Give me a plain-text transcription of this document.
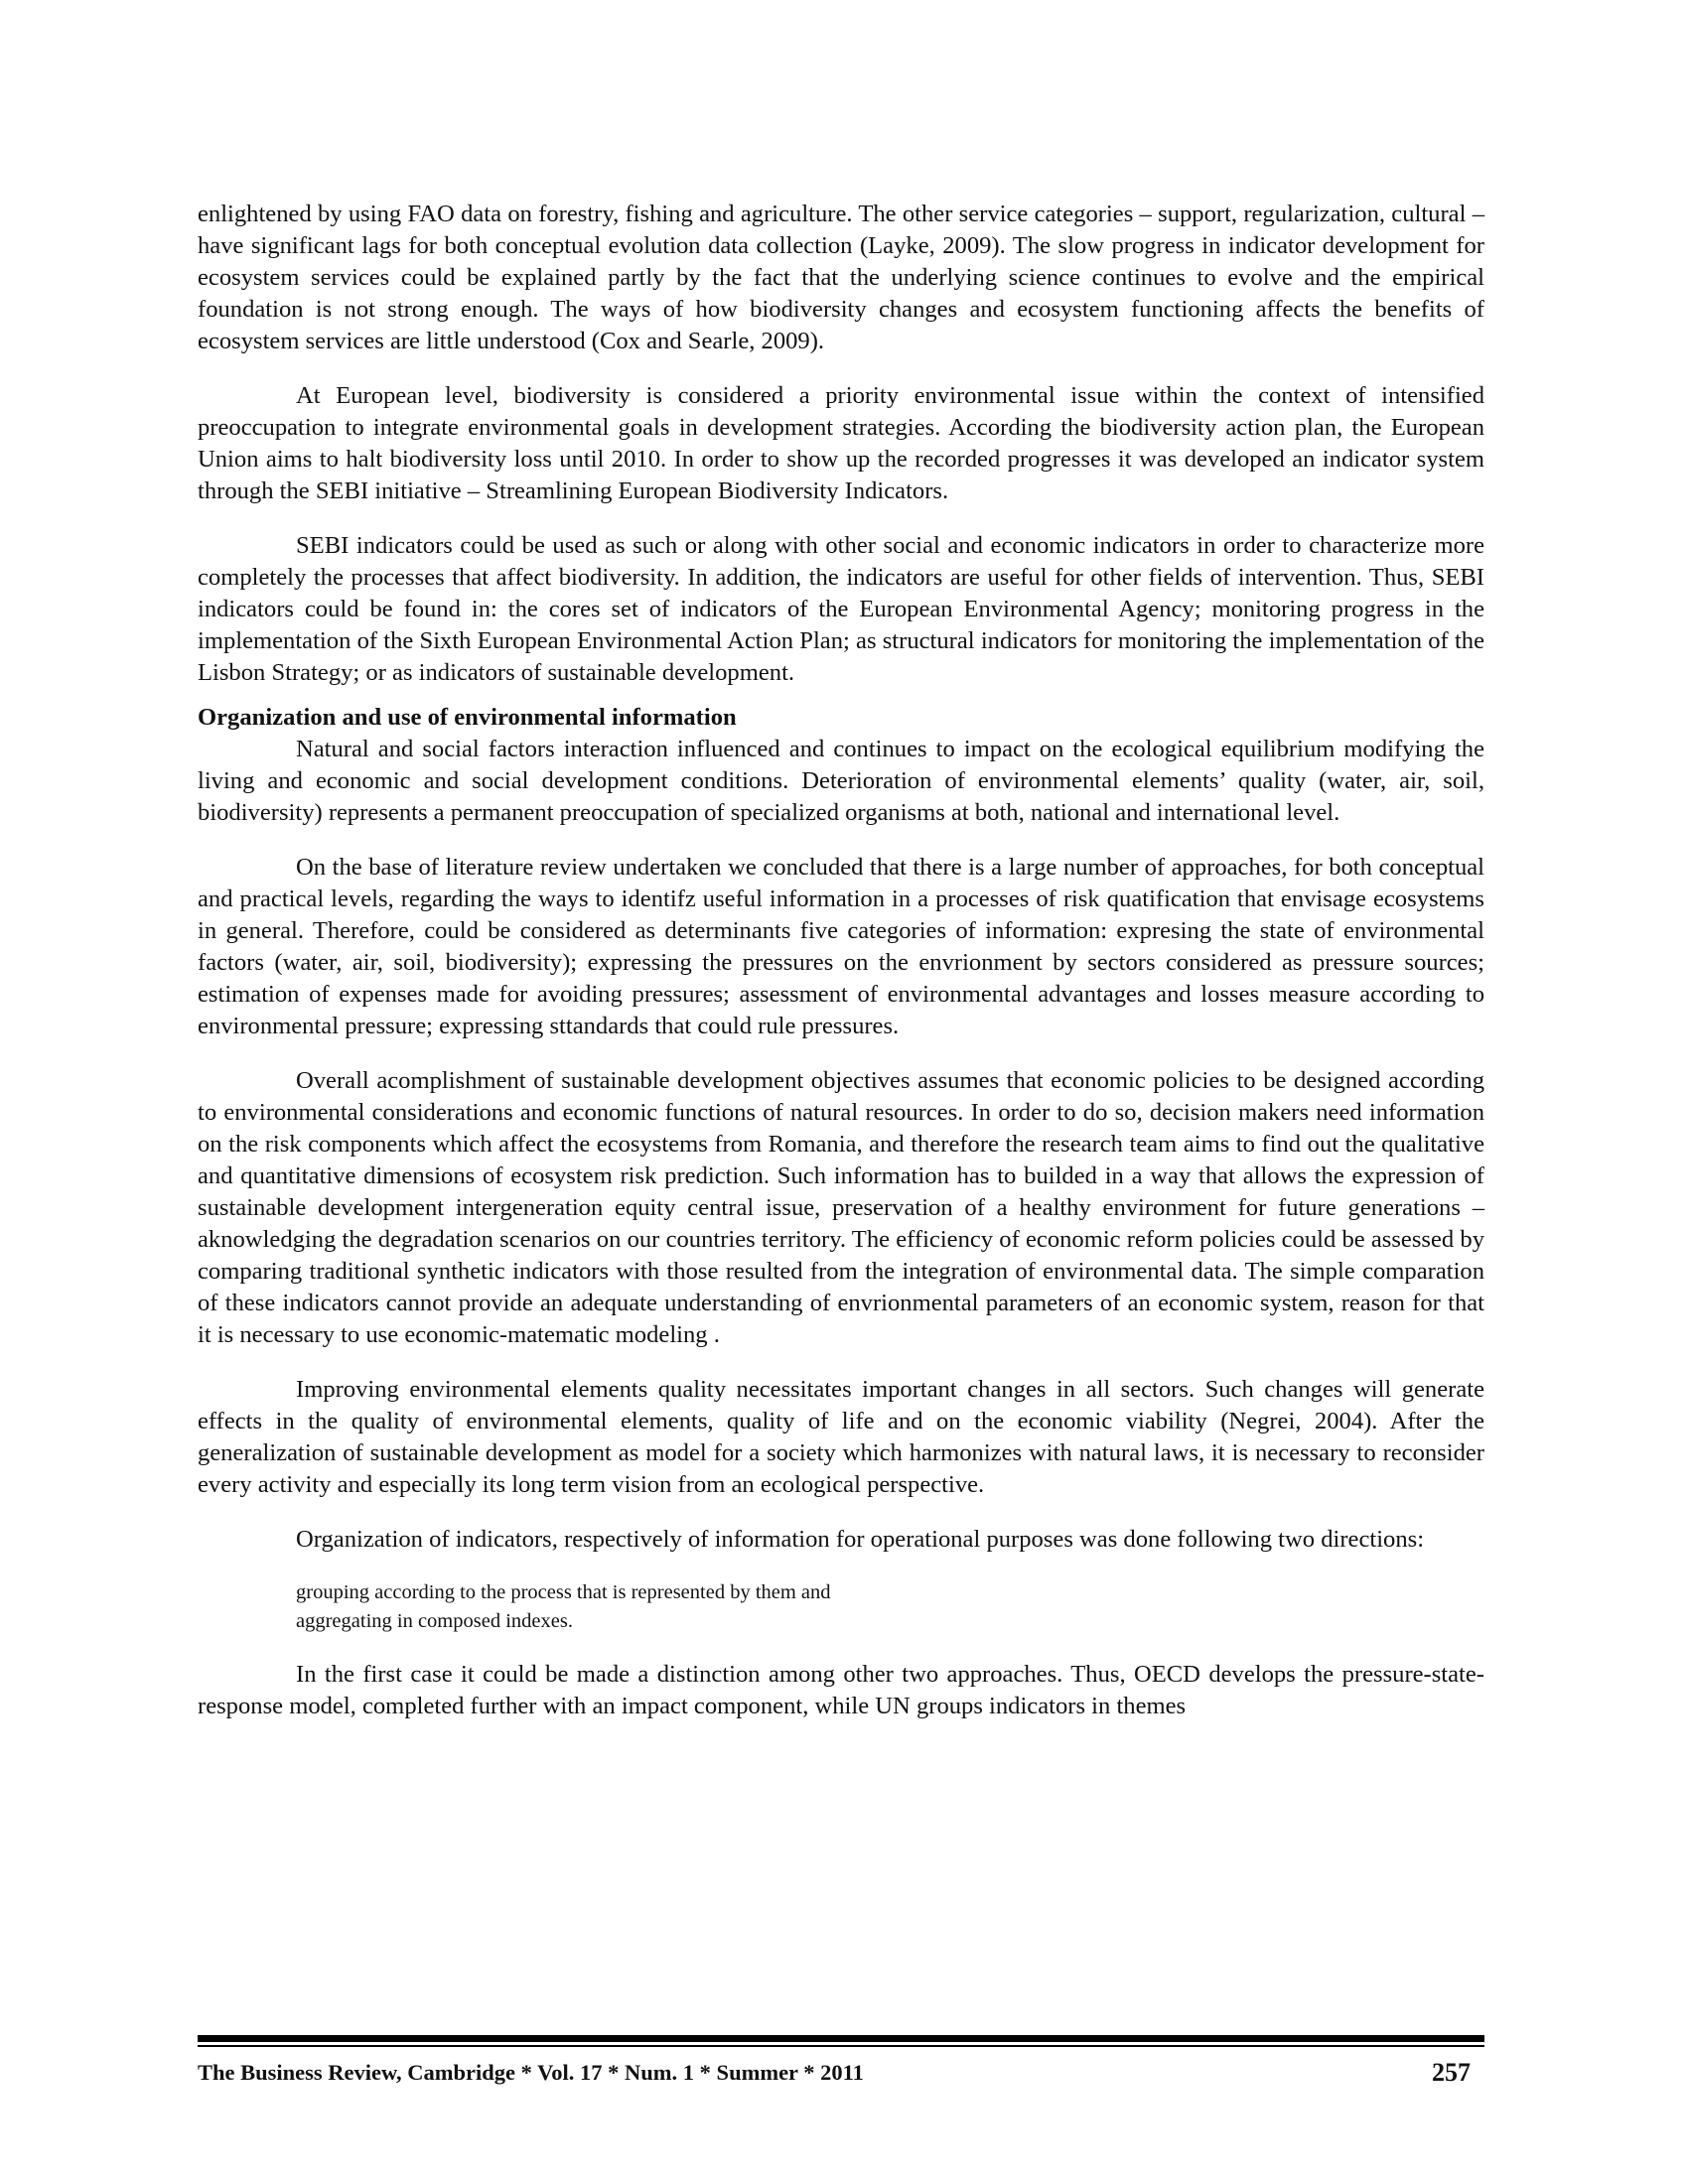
enlightened by using FAO data on forestry, fishing and agriculture. The other service categories – support, regularization, cultural – have significant lags for both conceptual evolution data collection (Layke, 2009). The slow progress in indicator development for ecosystem services could be explained partly by the fact that the underlying science continues to evolve and the empirical foundation is not strong enough. The ways of how biodiversity changes and ecosystem functioning affects the benefits of ecosystem services are little understood (Cox and Searle, 2009).

At European level, biodiversity is considered a priority environmental issue within the context of intensified preoccupation to integrate environmental goals in development strategies. According the biodiversity action plan, the European Union aims to halt biodiversity loss until 2010. In order to show up the recorded progresses it was developed an indicator system through the SEBI initiative – Streamlining European Biodiversity Indicators.

SEBI indicators could be used as such or along with other social and economic indicators in order to characterize more completely the processes that affect biodiversity. In addition, the indicators are useful for other fields of intervention. Thus, SEBI indicators could be found in: the cores set of indicators of the European Environmental Agency; monitoring progress in the implementation of the Sixth European Environmental Action Plan; as structural indicators for monitoring the implementation of the Lisbon Strategy; or as indicators of sustainable development.

Organization and use of environmental information

Natural and social factors interaction influenced and continues to impact on the ecological equilibrium modifying the living and economic and social development conditions. Deterioration of environmental elements’ quality (water, air, soil, biodiversity) represents a permanent preoccupation of specialized organisms at both, national and international level.

On the base of literature review undertaken we concluded that there is a large number of approaches, for both conceptual and practical levels, regarding the ways to identifz useful information in a processes of risk quatification that envisage ecosystems in general. Therefore, could be considered as determinants five categories of information: expresing the state of environmental factors (water, air, soil, biodiversity); expressing the pressures on the envrionment by sectors considered as pressure sources; estimation of expenses made for avoiding pressures; assessment of environmental advantages and losses measure according to environmental pressure; expressing sttandards that could rule pressures.

Overall acomplishment of sustainable development objectives assumes that economic policies to be designed according to environmental considerations and economic functions of natural resources. In order to do so, decision makers need information on the risk components which affect the ecosystems from Romania, and therefore the research team aims to find out the qualitative and quantitative dimensions of ecosystem risk prediction. Such information has to builded in a way that allows the expression of sustainable development intergeneration equity central issue, preservation of a healthy environment for future generations – aknowledging the degradation scenarios on our countries territory. The efficiency of economic reform policies could be assessed by comparing traditional synthetic indicators with those resulted from the integration of environmental data. The simple comparation of these indicators cannot provide an adequate understanding of envrionmental parameters of an economic system, reason for that it is necessary to use economic-matematic modeling .

Improving environmental elements quality necessitates important changes in all sectors. Such changes will generate effects in the quality of environmental elements, quality of life and on the economic viability (Negrei, 2004). After the generalization of sustainable development as model for a society which harmonizes with natural laws, it is necessary to reconsider every activity and especially its long term vision from an ecological perspective.

Organization of indicators, respectively of information for operational purposes was done following two directions:

grouping according to the process that is represented by them and
aggregating in composed indexes.

In the first case it could be made a distinction among other two approaches. Thus, OECD develops the pressure-state-response model, completed further with an impact component, while UN groups indicators in themes

The Business Review, Cambridge * Vol. 17 * Num. 1 * Summer * 2011	257
